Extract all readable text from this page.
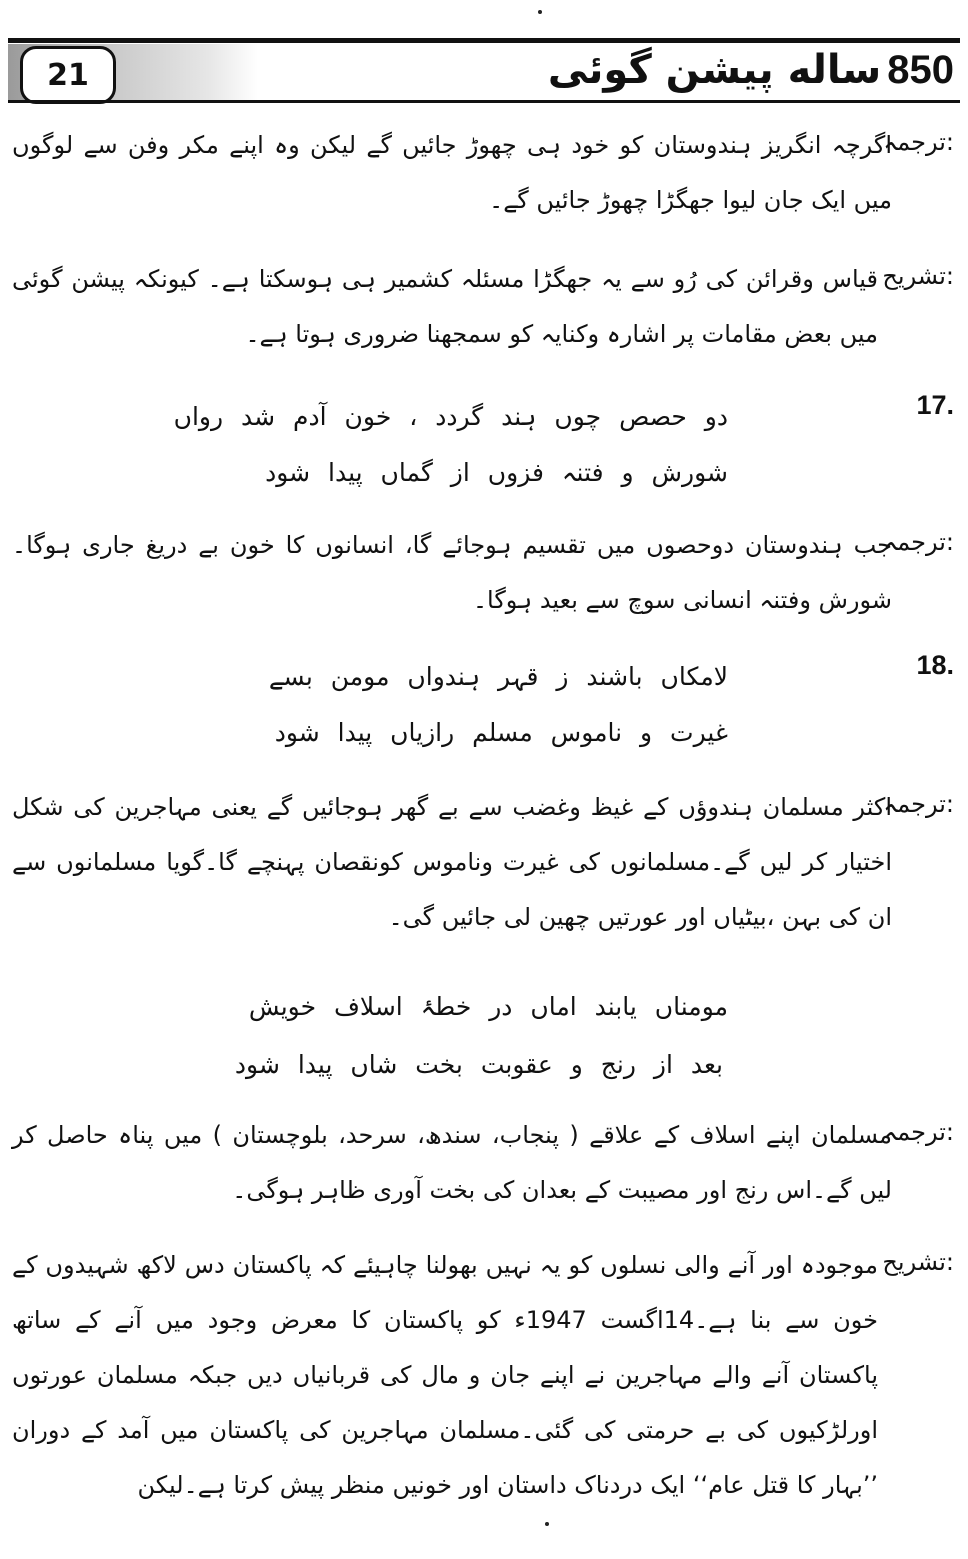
21	850
ساله پیشن گوئی
ترجمہ:
اگرچہ انگریز ہندوستان کو خود ہی چھوڑ جائیں گے لیکن وہ اپنے مکر وفن سے لوگوں میں ایک جان لیوا جھگڑا چھوڑ جائیں گے۔
تشریح:
قیاس وقرائن کی رُو سے یہ جھگڑا مسئلہ کشمیر ہی ہوسکتا ہے۔ کیونکہ پیشن گوئی میں بعض مقامات پر اشارہ وکنایہ کو سمجھنا ضروری ہوتا ہے۔
17.
دو حصص چوں ہند گردد ، خون آدم شد رواں
شورش و فتنہ فزوں از گماں پیدا شود
ترجمہ:
جب ہندوستان دوحصوں میں تقسیم ہوجائے گا، انسانوں کا خون بے دریغ جاری ہوگا۔شورش وفتنہ انسانی سوچ سے بعید ہوگا۔
18.
لامکاں باشند ز قہر ہندواں مومن بسے
غیرت و ناموس مسلم رازیاں پیدا شود
ترجمہ:
اکثر مسلمان ہندوؤں کے غیظ وغضب سے بے گھر ہوجائیں گے یعنی مہاجرین کی شکل اختیار کر لیں گے۔مسلمانوں کی غیرت وناموس کونقصان پہنچے گا۔گویا مسلمانوں سے ان کی بہن ،بیٹیاں اور عورتیں چھین لی جائیں گی۔
مومناں یابند اماں در خطۂ اسلاف خویش
بعد از رنج و عقوبت بخت شاں پیدا شود
ترجمہ:
مسلمان اپنے اسلاف کے علاقے ( پنجاب، سندھ، سرحد، بلوچستان ) میں پناہ حاصل کر لیں گے۔اس رنج اور مصیبت کے بعدان کی بخت آوری ظاہر ہوگی۔
تشریح:
موجودہ اور آنے والی نسلوں کو یہ نہیں بھولنا چاہیئے کہ پاکستان دس لاکھ شہیدوں کے خون سے بنا ہے۔14اگست 1947ء کو پاکستان کا معرض وجود میں آنے کے ساتھ پاکستان آنے والے مہاجرین نے اپنے جان و مال کی قربانیاں دیں جبکہ مسلمان عورتوں اورلڑکیوں کی بے حرمتی کی گئی۔مسلمان مہاجرین کی پاکستان میں آمد کے دوران ’’بہار کا قتل عام‘‘ ایک دردناک داستان اور خونیں منظر پیش کرتا ہے۔لیکن
